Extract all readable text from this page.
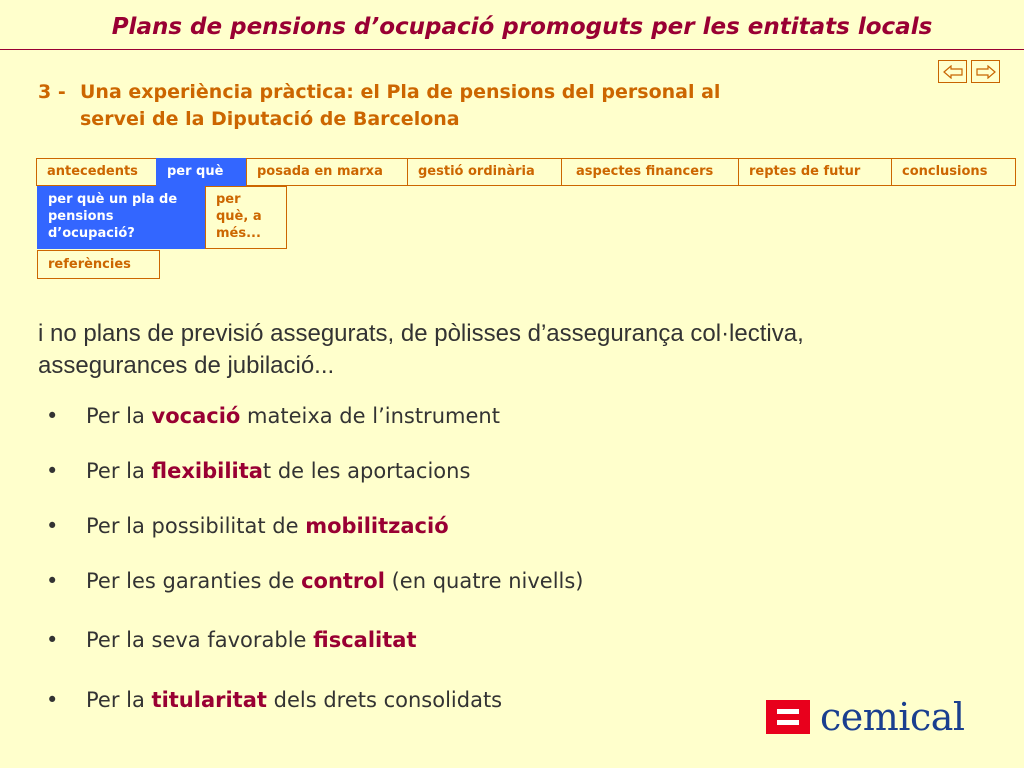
Plans de pensions d’ocupació promoguts per les entitats locals
3 - Una experiència pràctica: el Pla de pensions del personal al
servei de la Diputació de Barcelona
antecedents	per què	posada en marxa	gestió ordinària	aspectes financers	reptes de futur	conclusions
per què un pla de pensions d’ocupació?
per què, a més...
referències
i no plans de previsió assegurats, de pòlisses d’assegurança col·lectiva, assegurances de jubilació...
• Per la vocació mateixa de l’instrument
• Per la flexibilitat de les aportacions
• Per la possibilitat de mobilització
• Per les garanties de control (en quatre nivells)
• Per la seva favorable fiscalitat
• Per la titularitat dels drets consolidats	cemical
